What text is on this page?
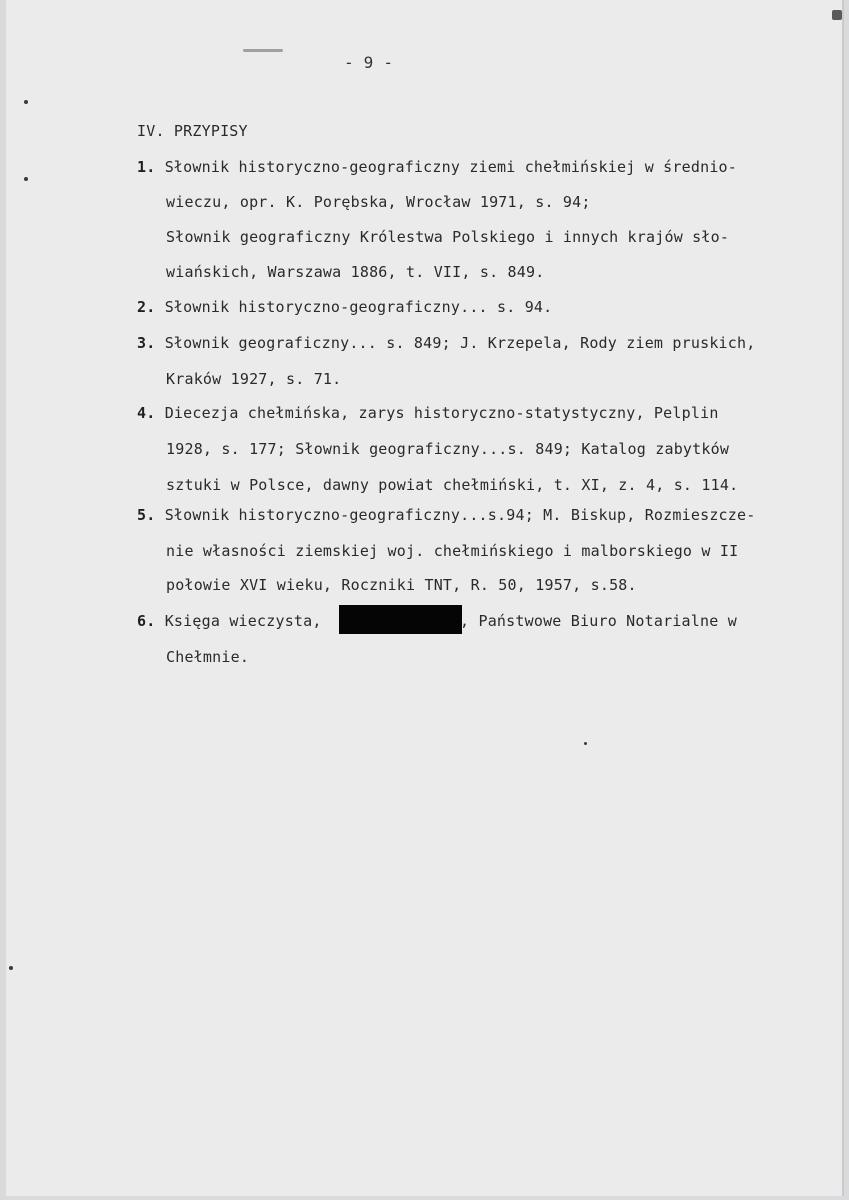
- 9 -
IV. PRZYPISY
1. Słownik historyczno-geograficzny ziemi chełmińskiej w średnio-
wieczu, opr. K. Porębska, Wrocław 1971, s. 94;
Słownik geograficzny Królestwa Polskiego i innych krajów sło-
wiańskich, Warszawa 1886, t. VII, s. 849.
2. Słownik historyczno-geograficzny... s. 94.
3. Słownik geograficzny... s. 849; J. Krzepela, Rody ziem pruskich,
Kraków 1927, s. 71.
4. Diecezja chełmińska, zarys historyczno-statystyczny, Pelplin
1928, s. 177; Słownik geograficzny...s. 849; Katalog zabytków
sztuki w Polsce, dawny powiat chełmiński, t. XI, z. 4, s. 114.
5. Słownik historyczno-geograficzny...s.94; M. Biskup, Rozmieszcze-
nie własności ziemskiej woj. chełmińskiego i malborskiego w II
połowie XVI wieku, Roczniki TNT, R. 50, 1957, s.58.
6. Księga wieczysta,	, Państwowe Biuro Notarialne w
Chełmnie.
